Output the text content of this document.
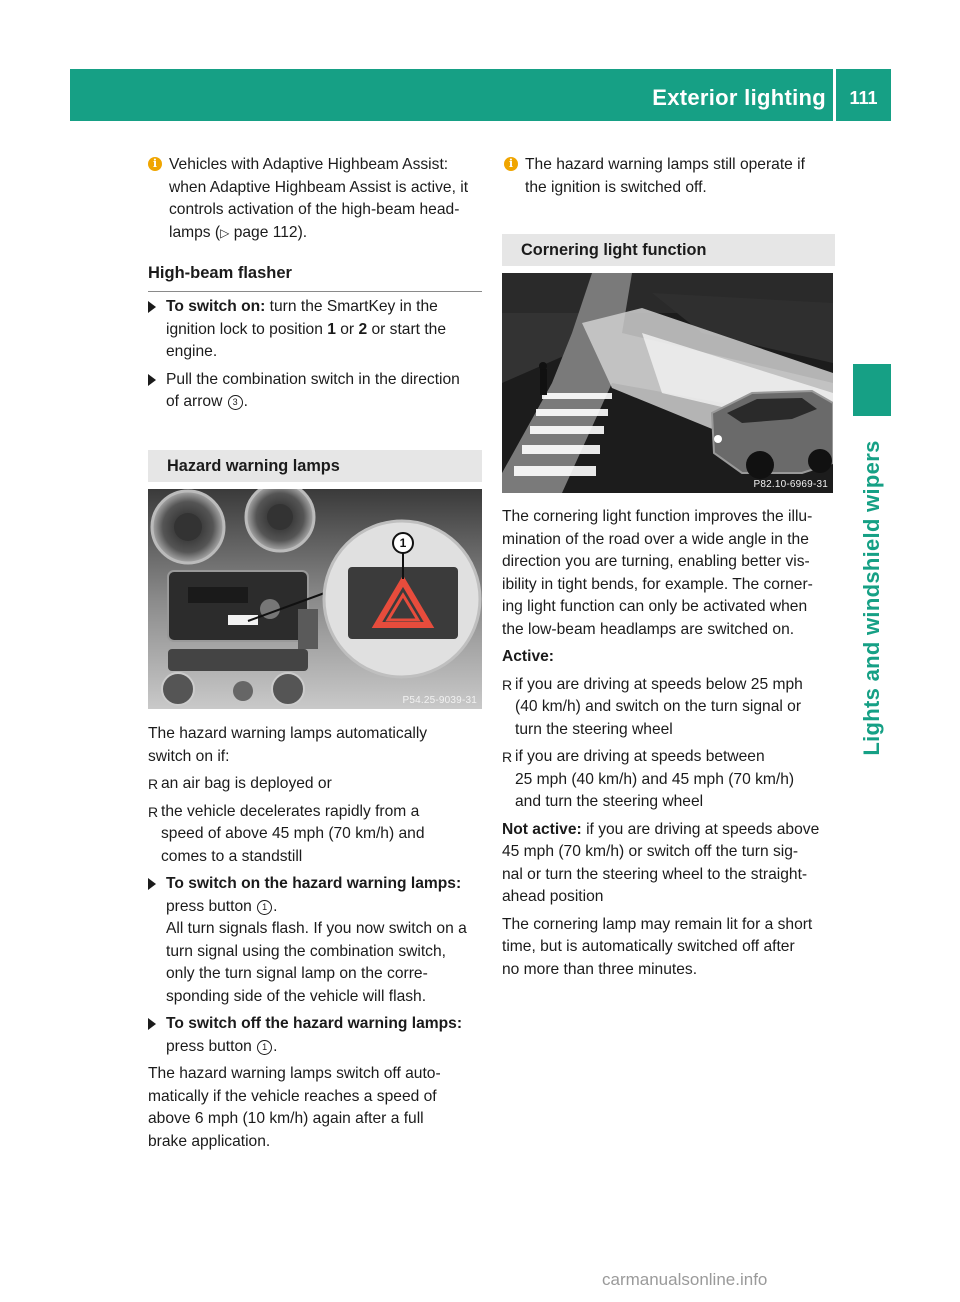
Exterior lighting	111
Lights and windshield wipers
i Vehicles with Adaptive Highbeam Assist:

when Adaptive Highbeam Assist is active, it

controls activation of the high-beam head-

lamps (▷ page 112).

High-beam flasher

To switch on: turn the SmartKey in the

ignition lock to position 1 or 2 or start the

engine.

Pull the combination switch in the direction

of arrow 3 .

Hazard warning lamps
1
P54.25-9039-31

The hazard warning lamps automatically

switch on if:

R an air bag is deployed or

R the vehicle decelerates rapidly from a

speed of above 45 mph (70 km/h) and

comes to a standstill

To switch on the hazard warning lamps:

press button 1 .

All turn signals flash. If you now switch on a

turn signal using the combination switch,

only the turn signal lamp on the corre-

sponding side of the vehicle will flash.

To switch off the hazard warning lamps:

press button 1 .

The hazard warning lamps switch off auto-

matically if the vehicle reaches a speed of

above 6 mph (10 km/h) again after a full

brake application.

i The hazard warning lamps still operate if

the ignition is switched off.

Cornering light function
P82.10-6969-31

The cornering light function improves the illu-

mination of the road over a wide angle in the

direction you are turning, enabling better vis-

ibility in tight bends, for example. The corner-

ing light function can only be activated when

the low-beam headlamps are switched on.

Active:

R if you are driving at speeds below 25 mph

(40 km/h) and switch on the turn signal or

turn the steering wheel

R if you are driving at speeds between

25 mph (40 km/h) and 45 mph (70 km/h)

and turn the steering wheel

Not active: if you are driving at speeds above

45 mph (70 km/h) or switch off the turn sig-

nal or turn the steering wheel to the straight-

ahead position

The cornering lamp may remain lit for a short

time, but is automatically switched off after

no more than three minutes.

carmanualsonline.info
